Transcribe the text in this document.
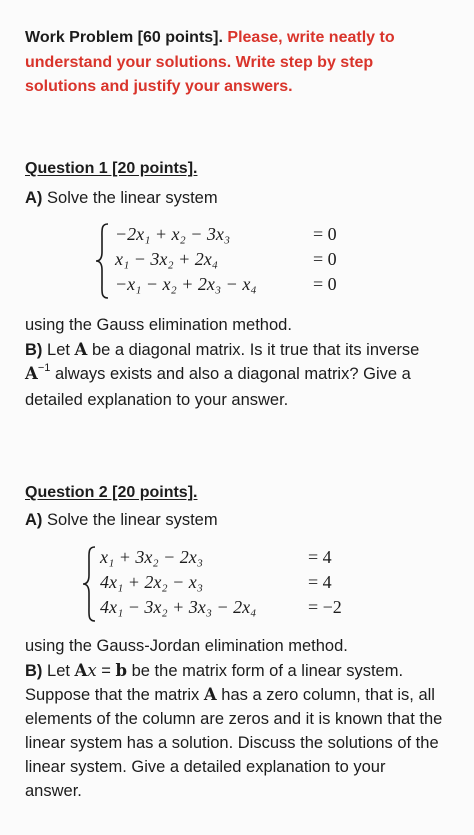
Work Problem [60 points]. Please, write neatly to understand your solutions. Write step by step solutions and justify your answers.
Question 1 [20 points].
A) Solve the linear system
−2x₁ + x₂ − 3x₃	= 0
x₁ − 3x₂ + 2x₄	= 0
−x₁ − x₂ + 2x₃ − x₄	= 0
using the Gauss elimination method.
B) Let A be a diagonal matrix. Is it true that its inverse $A^{-1}$ always exists and also a diagonal matrix? Give a detailed explanation to your answer.
Question 2 [20 points].
A) Solve the linear system
x₁ + 3x₂ − 2x₃	= 4
4x₁ + 2x₂ − x₃	= 4
4x₁ − 3x₂ + 3x₃ − 2x₄	= −2
using the Gauss-Jordan elimination method.
B) Let Ax = b be the matrix form of a linear system. Suppose that the matrix A has a zero column, that is, all elements of the column are zeros and it is known that the linear system has a solution. Discuss the solutions of the linear system. Give a detailed explanation to your answer.
